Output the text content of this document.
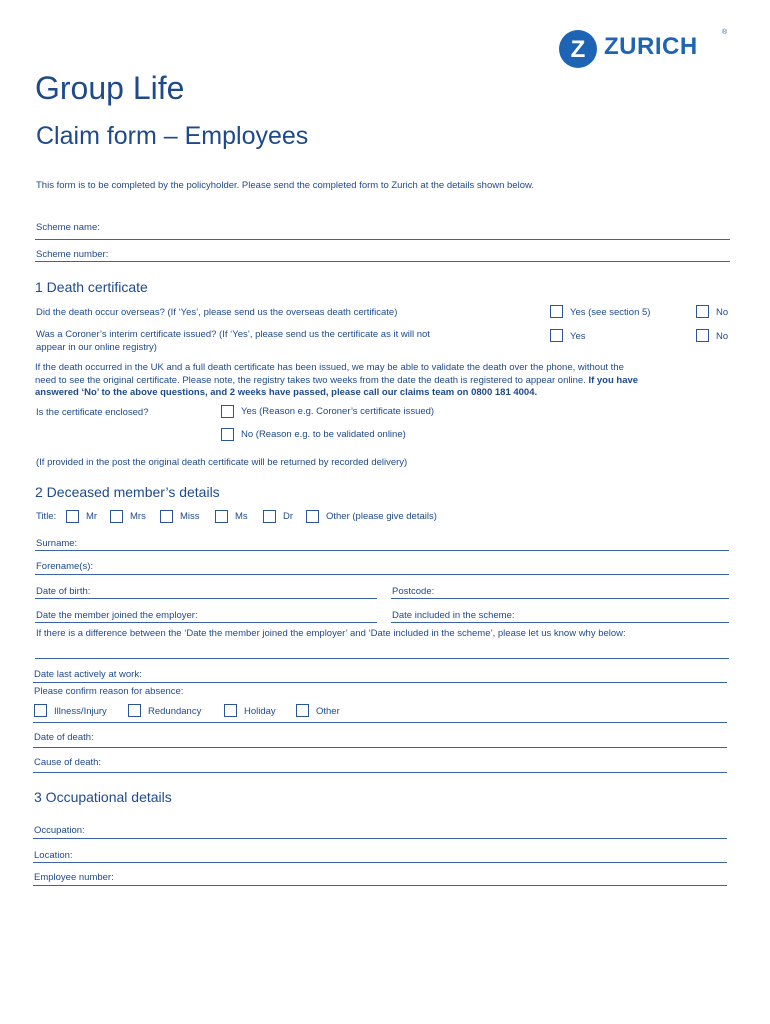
Z ZURICH
®
Group Life
Claim form – Employees
This form is to be completed by the policyholder. Please send the completed form to Zurich at the details shown below.
Scheme name:
Scheme number:
1 Death certificate
Did the death occur overseas? (If ‘Yes’, please send us the overseas death certificate)	Yes (see section 5)	No
Was a Coroner’s interim certificate issued? (If ‘Yes’, please send us the certificate as it will not
appear in our online registry)
Yes	No
If the death occurred in the UK and a full death certificate has been issued, we may be able to validate the death over the phone, without the
need to see the original certificate. Please note, the registry takes two weeks from the date the death is registered to appear online. If you have
answered ‘No’ to the above questions, and 2 weeks have passed, please call our claims team on 0800 181 4004.
Is the certificate enclosed?	Yes (Reason e.g. Coroner’s certificate issued)
No (Reason e.g. to be validated online)
(If provided in the post the original death certificate will be returned by recorded delivery)
2 Deceased member’s details
Title:	Mr	Mrs	Miss	Ms	Dr	Other (please give details)
Surname:
Forename(s):
Date of birth:	Postcode:
Date the member joined the employer:	Date included in the scheme:
If there is a difference between the ‘Date the member joined the employer’ and ‘Date included in the scheme’, please let us know why below:
Date last actively at work:
Please confirm reason for absence:
Illness/Injury	Redundancy	Holiday	Other
Date of death:
Cause of death:
3 Occupational details
Occupation:
Location:
Employee number:
